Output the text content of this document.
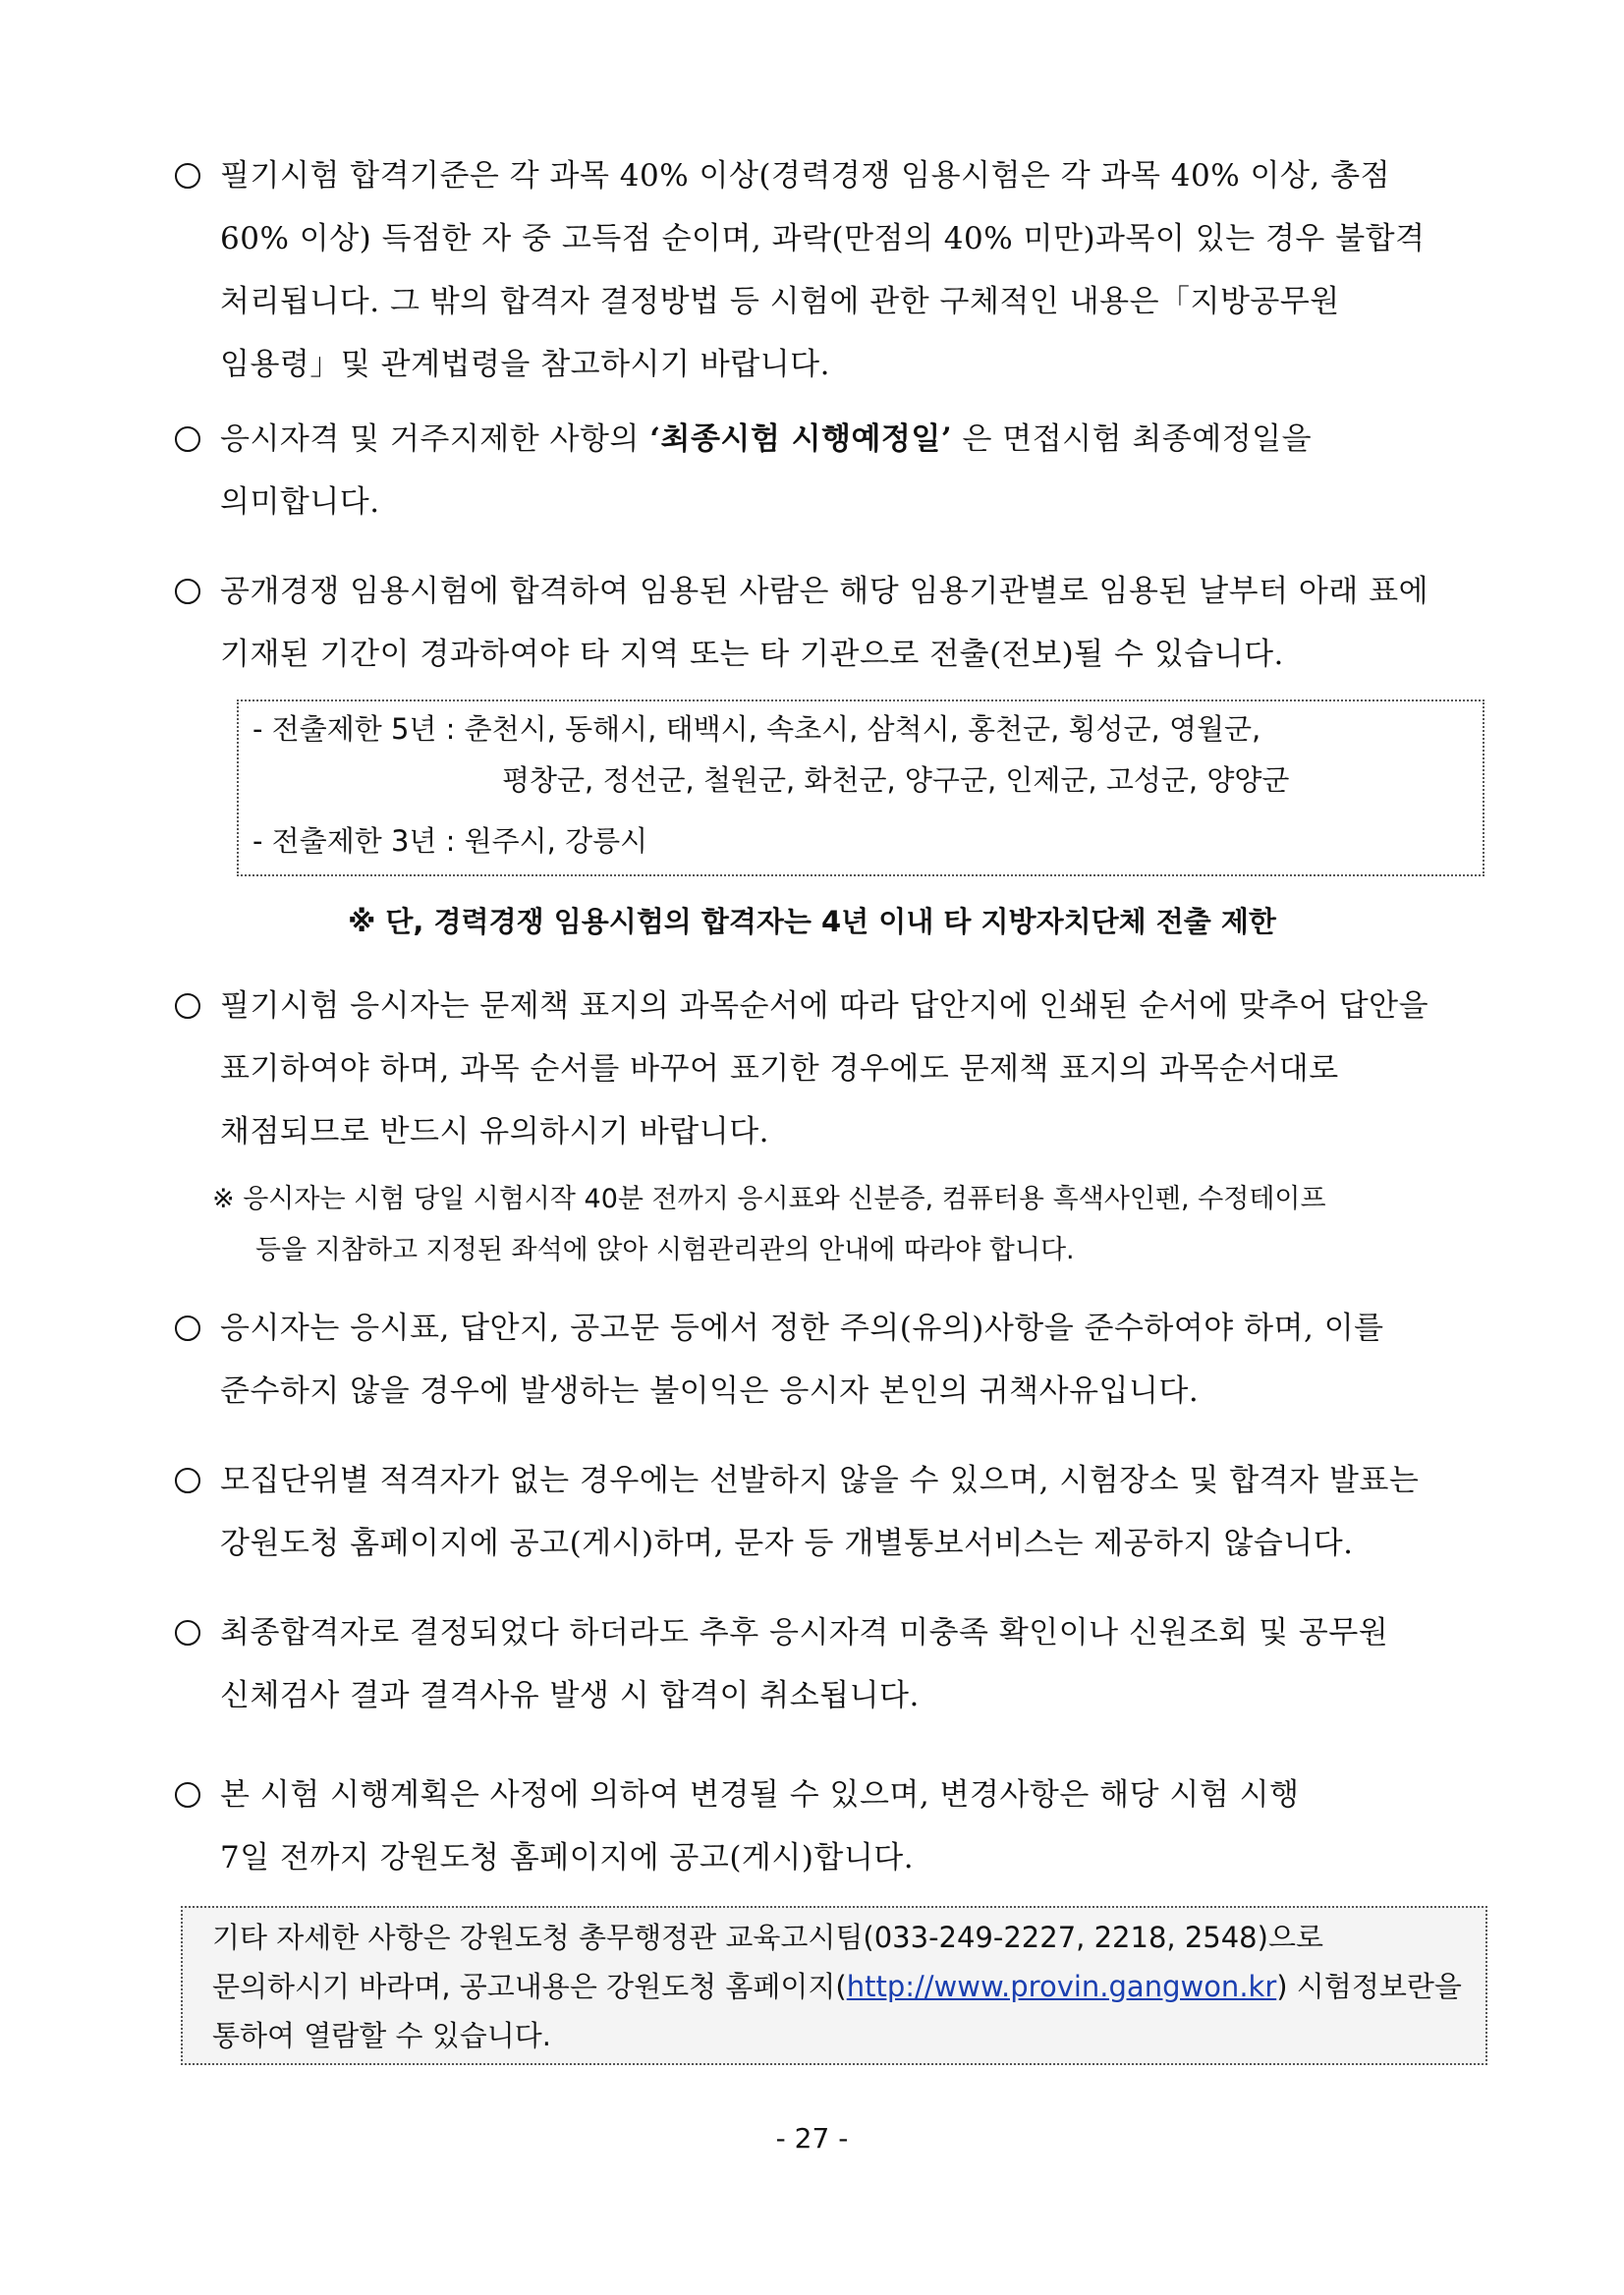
필기시험 합격기준은 각 과목 40% 이상(경력경쟁 임용시험은 각 과목 40% 이상, 총점
60% 이상) 득점한 자 중 고득점 순이며, 과락(만점의 40% 미만)과목이 있는 경우 불합격
처리됩니다. 그 밖의 합격자 결정방법 등 시험에 관한 구체적인 내용은「지방공무원
임용령」및 관계법령을 참고하시기 바랍니다.
응시자격 및 거주지제한 사항의 ‘최종시험 시행예정일’ 은 면접시험 최종예정일을
의미합니다.
공개경쟁 임용시험에 합격하여 임용된 사람은 해당 임용기관별로 임용된 날부터 아래 표에
기재된 기간이 경과하여야 타 지역 또는 타 기관으로 전출(전보)될 수 있습니다.
- 전출제한 5년 : 춘천시, 동해시, 태백시, 속초시, 삼척시, 홍천군, 횡성군, 영월군,
평창군, 정선군, 철원군, 화천군, 양구군, 인제군, 고성군, 양양군
- 전출제한 3년 : 원주시, 강릉시
※ 단, 경력경쟁 임용시험의 합격자는 4년 이내 타 지방자치단체 전출 제한
필기시험 응시자는 문제책 표지의 과목순서에 따라 답안지에 인쇄된 순서에 맞추어 답안을
표기하여야 하며, 과목 순서를 바꾸어 표기한 경우에도 문제책 표지의 과목순서대로
채점되므로 반드시 유의하시기 바랍니다.
※ 응시자는 시험 당일 시험시작 40분 전까지 응시표와 신분증, 컴퓨터용 흑색사인펜, 수정테이프
등을 지참하고 지정된 좌석에 앉아 시험관리관의 안내에 따라야 합니다.
응시자는 응시표, 답안지, 공고문 등에서 정한 주의(유의)사항을 준수하여야 하며, 이를
준수하지 않을 경우에 발생하는 불이익은 응시자 본인의 귀책사유입니다.
모집단위별 적격자가 없는 경우에는 선발하지 않을 수 있으며, 시험장소 및 합격자 발표는
강원도청 홈페이지에 공고(게시)하며, 문자 등 개별통보서비스는 제공하지 않습니다.
최종합격자로 결정되었다 하더라도 추후 응시자격 미충족 확인이나 신원조회 및 공무원
신체검사 결과 결격사유 발생 시 합격이 취소됩니다.
본 시험 시행계획은 사정에 의하여 변경될 수 있으며, 변경사항은 해당 시험 시행
7일 전까지 강원도청 홈페이지에 공고(게시)합니다.
기타 자세한 사항은 강원도청 총무행정관 교육고시팀(033-249-2227, 2218, 2548)으로
문의하시기 바라며, 공고내용은 강원도청 홈페이지(http://www.provin.gangwon.kr) 시험정보란을
통하여 열람할 수 있습니다.
- 27 -
